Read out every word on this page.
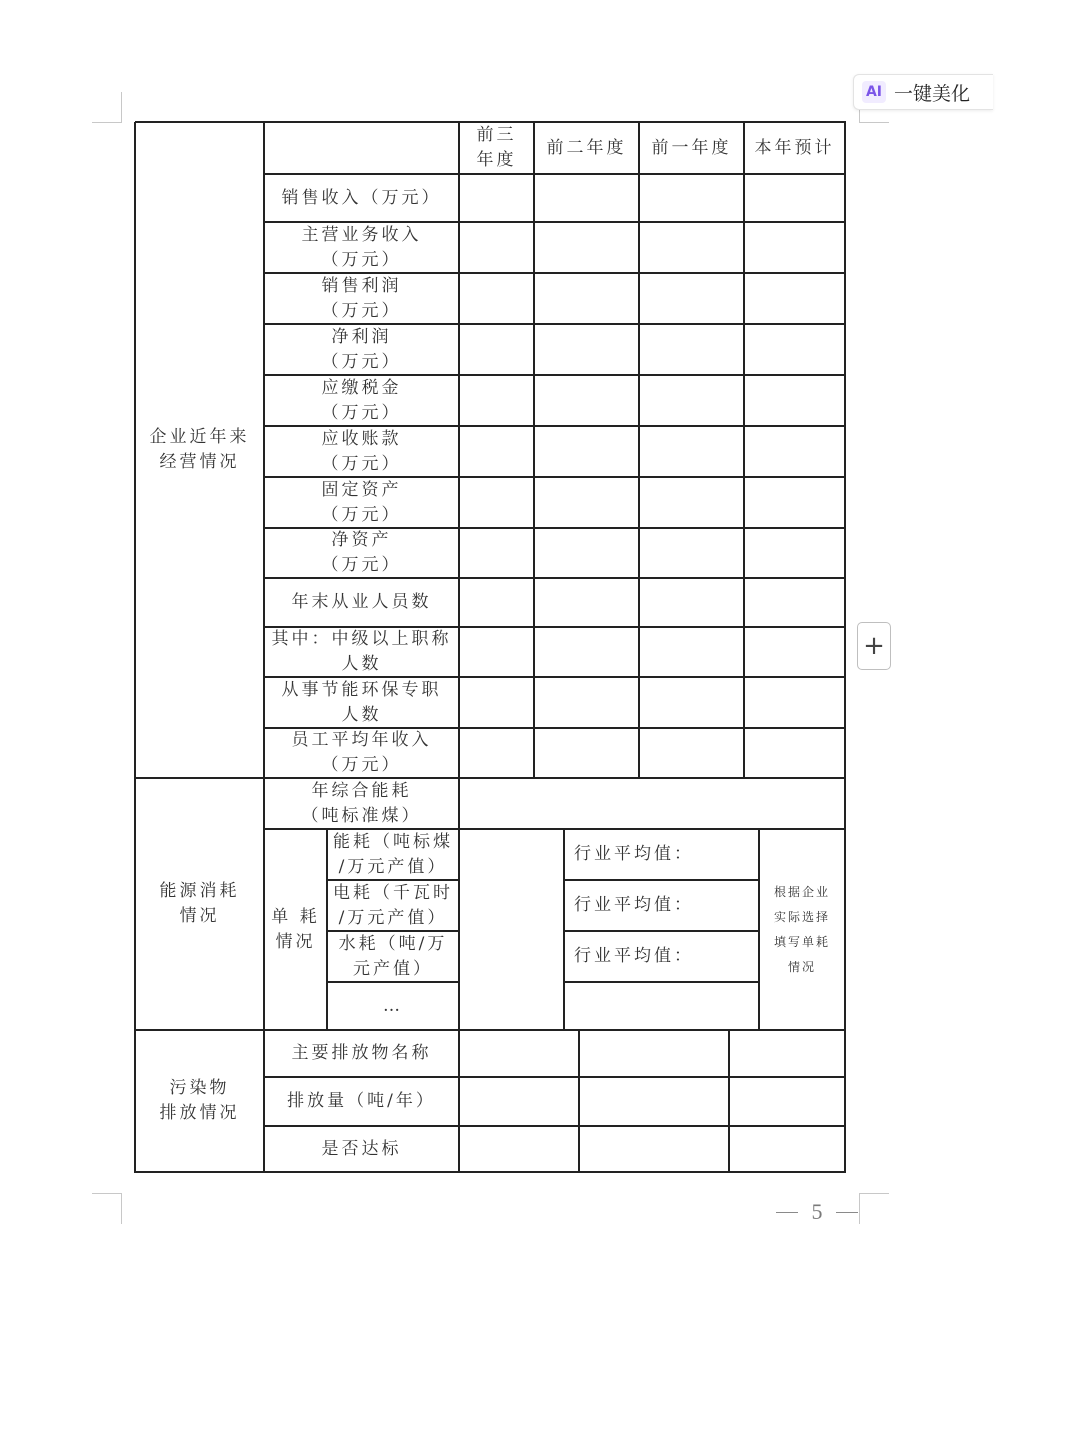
AI 一键美化
+
5
前三
年度
前二年度	前一年度	本年预计
企业近年来
经营情况
销售收入（万元）
主营业务收入
（万元）
销售利润
（万元）
净利润
（万元）
应缴税金
（万元）
应收账款
（万元）
固定资产
（万元）
净资产
（万元）
年末从业人员数
其中：中级以上职称
人数
从事节能环保专职
人数
员工平均年收入
（万元）
能源消耗
情况
年综合能耗
（吨标准煤）
单 耗
情况
能耗（吨标煤
/万元产值）
电耗（千瓦时
/万元产值）
水耗（吨/万
元产值）
…
行业平均值：
行业平均值：
行业平均值：
根据企业
实际选择
填写单耗
情况
污染物
排放情况
主要排放物名称
排放量（吨/年）
是否达标
